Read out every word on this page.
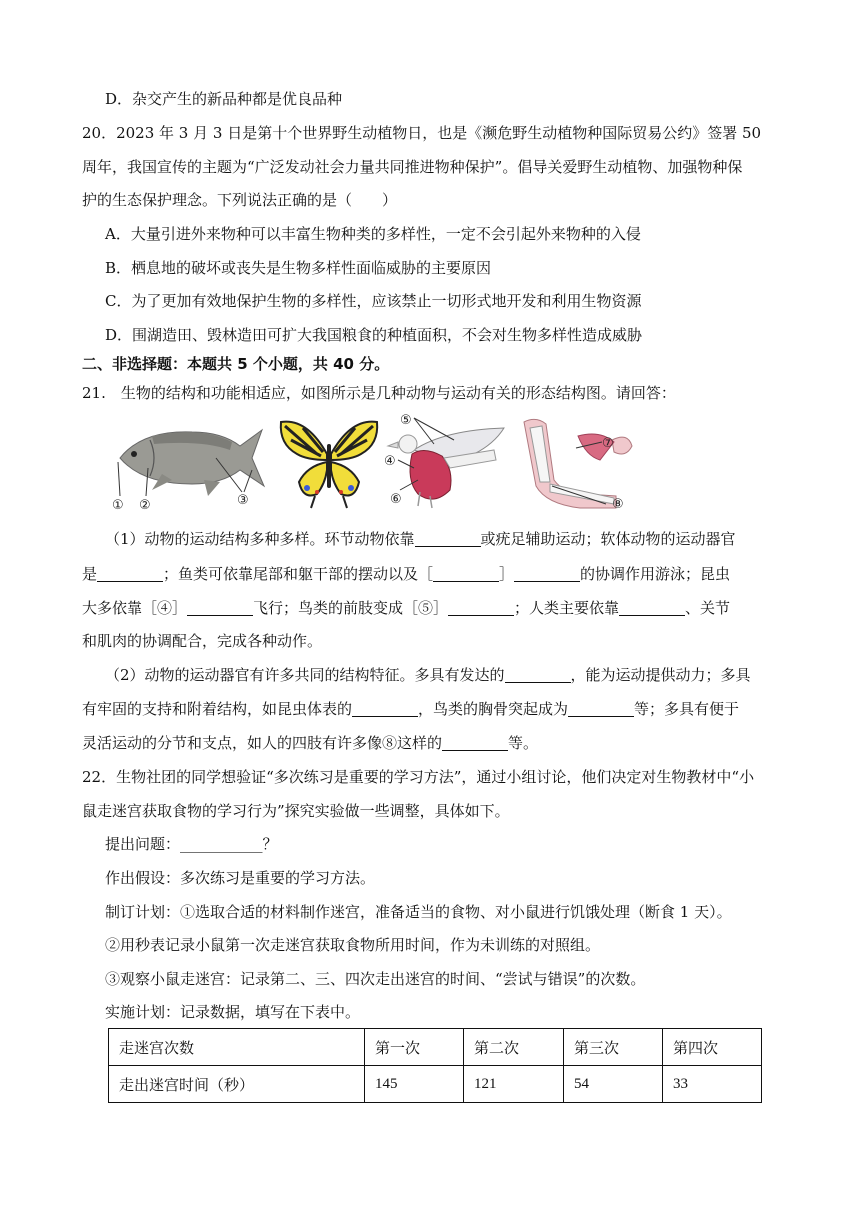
D．杂交产生的新品种都是优良品种
20．2023 年 3 月 3 日是第十个世界野生动植物日，也是《濒危野生动植物种国际贸易公约》签署 50
周年，我国宣传的主题为“广泛发动社会力量共同推进物种保护”。倡导关爱野生动植物、加强物种保
护的生态保护理念。下列说法正确的是（　　）
A．大量引进外来物种可以丰富生物种类的多样性，一定不会引起外来物种的入侵
B．栖息地的破坏或丧失是生物多样性面临威胁的主要原因
C．为了更加有效地保护生物的多样性，应该禁止一切形式地开发和利用生物资源
D．围湖造田、毁林造田可扩大我国粮食的种植面积，不会对生物多样性造成威胁
二、非选择题：本题共 5 个小题，共 40 分。
21.　生物的结构和功能相适应，如图所示是几种动物与运动有关的形态结构图。请回答：
① ②	③
⑤
④
⑥
⑦
⑧
（1）动物的运动结构多种多样。环节动物依靠	或疣足辅助运动；软体动物的运动器官
是	；鱼类可依靠尾部和躯干部的摆动以及［	］	的协调作用游泳；昆虫
大多依靠［④］	飞行；鸟类的前肢变成［⑤］	；人类主要依靠	、关节
和肌肉的协调配合，完成各种动作。
（2）动物的运动器官有许多共同的结构特征。多具有发达的	，能为运动提供动力；多具
有牢固的支持和附着结构，如昆虫体表的	，鸟类的胸骨突起成为	等；多具有便于
灵活运动的分节和支点，如人的四肢有许多像⑧这样的	等。
22．生物社团的同学想验证“多次练习是重要的学习方法”，通过小组讨论，他们决定对生物教材中“小
鼠走迷宫获取食物的学习行为”探究实验做一些调整，具体如下。
提出问题：___________？
作出假设：多次练习是重要的学习方法。
制订计划：①选取合适的材料制作迷宫，准备适当的食物、对小鼠进行饥饿处理（断食 1 天）。
②用秒表记录小鼠第一次走迷宫获取食物所用时间，作为未训练的对照组。
③观察小鼠走迷宫：记录第二、三、四次走出迷宫的时间、“尝试与错误”的次数。
实施计划：记录数据，填写在下表中。
走迷宫次数	第一次	第二次	第三次	第四次
走出迷宫时间（秒）	145	121	54	33
